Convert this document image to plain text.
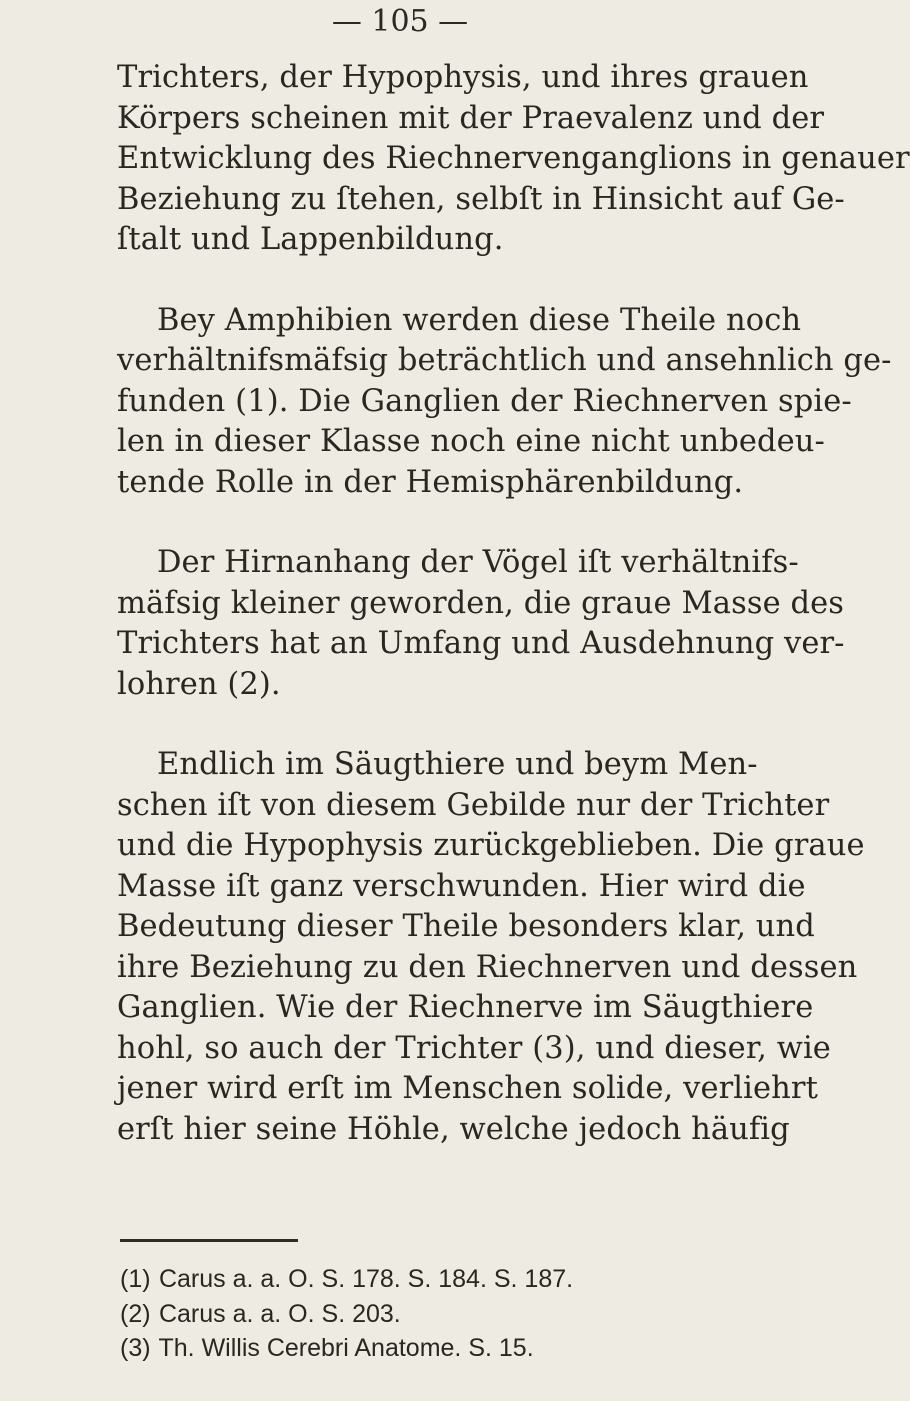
— 105 —

Trichters, der Hypophysis, und ihres grauen
Körpers scheinen mit der Praevalenz und der
Entwicklung des Riechnervenganglions in genauer
Beziehung zu ſtehen, selbſt in Hinsicht auf Ge-
ſtalt und Lappenbildung.

Bey Amphibien werden diese Theile noch
verhältnifsmäfsig beträchtlich und ansehnlich ge-
funden (1). Die Ganglien der Riechnerven spie-
len in dieser Klasse noch eine nicht unbedeu-
tende Rolle in der Hemisphärenbildung.

Der Hirnanhang der Vögel iſt verhältnifs-
mäfsig kleiner geworden, die graue Masse des
Trichters hat an Umfang und Ausdehnung ver-
lohren (2).

Endlich im Säugthiere und beym Men-
schen iſt von diesem Gebilde nur der Trichter
und die Hypophysis zurückgeblieben. Die graue
Masse iſt ganz verschwunden. Hier wird die
Bedeutung dieser Theile besonders klar, und
ihre Beziehung zu den Riechnerven und dessen
Ganglien. Wie der Riechnerve im Säugthiere
hohl, so auch der Trichter (3), und dieser, wie
jener wird erſt im Menschen solide, verliehrt
erſt hier seine Höhle, welche jedoch häufig

(1) Carus a. a. O. S. 178. S. 184. S. 187.
(2) Carus a. a. O. S. 203.
(3) Th. Willis Cerebri Anatome. S. 15.
